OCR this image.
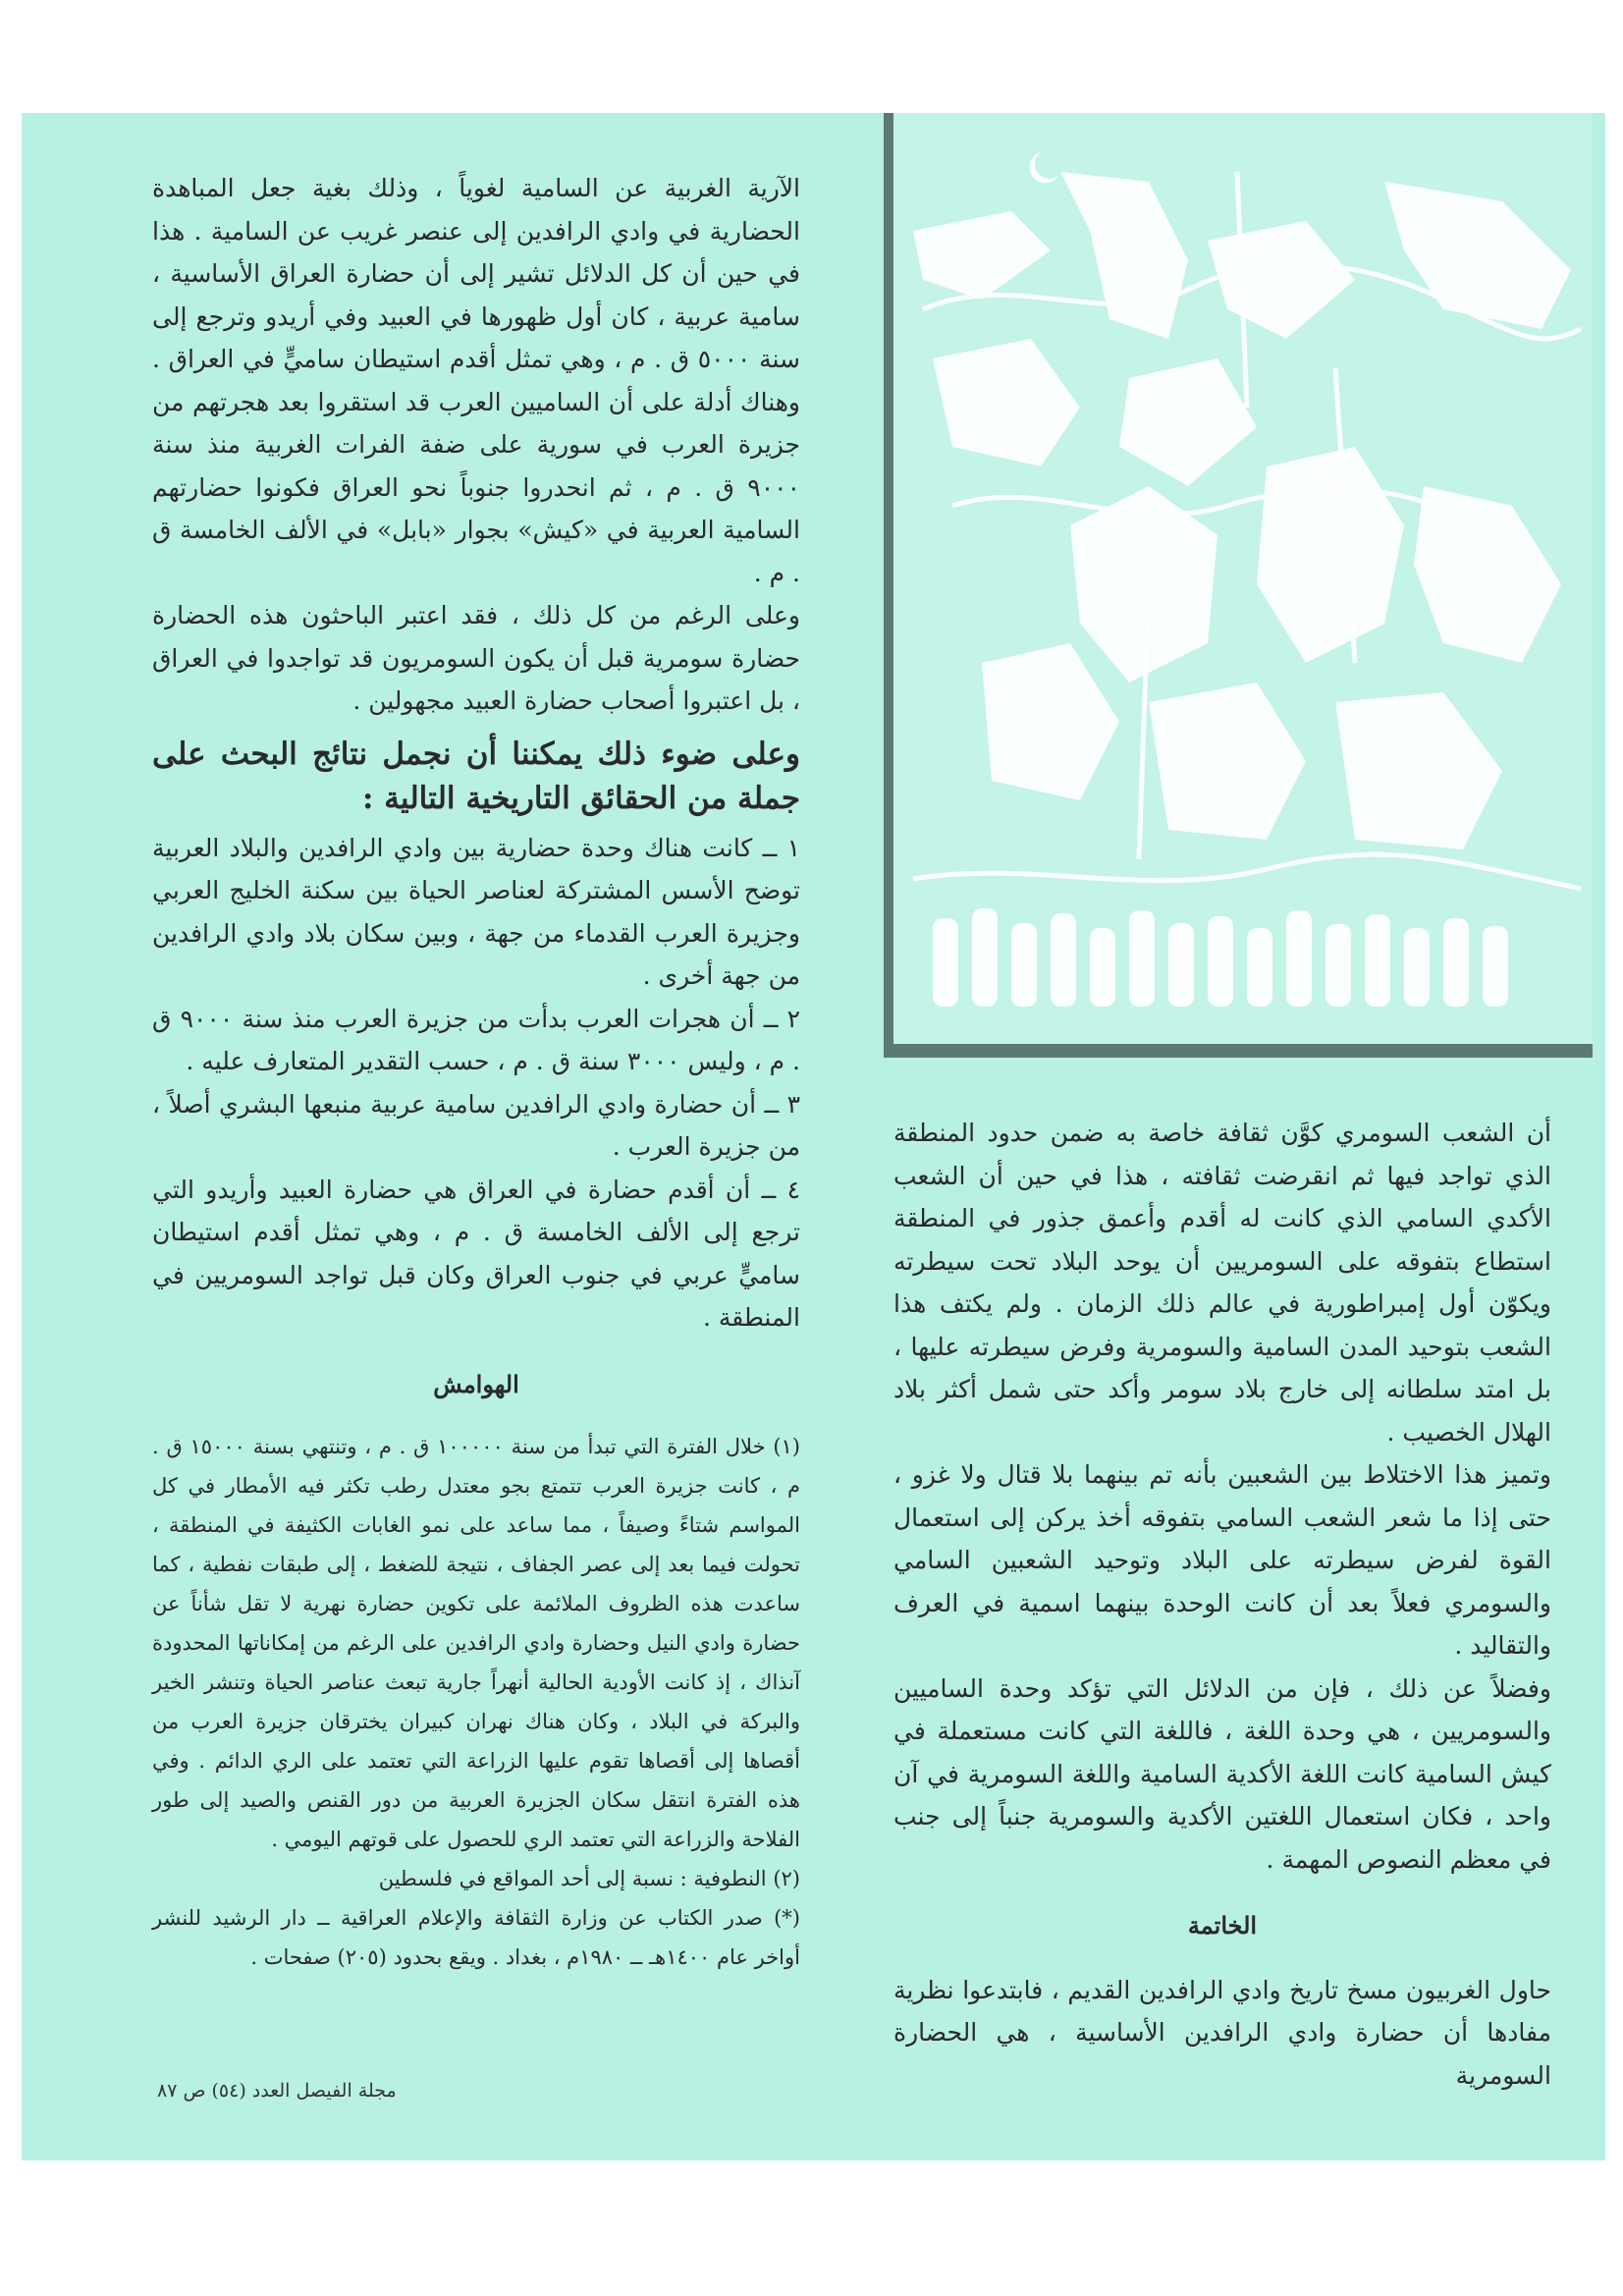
الآرية الغربية عن السامية لغوياً ، وذلك بغية جعل المباهدة الحضارية في وادي الرافدين إلى عنصر غريب عن السامية . هذا في حين أن كل الدلائل تشير إلى أن حضارة العراق الأساسية ، سامية عربية ، كان أول ظهورها في العبيد وفي أريدو وترجع إلى سنة ٥٠٠٠ ق . م ، وهي تمثل أقدم استيطان ساميٍّ في العراق . وهناك أدلة على أن الساميين العرب قد استقروا بعد هجرتهم من جزيرة العرب في سورية على ضفة الفرات الغربية منذ سنة ٩٠٠٠ ق . م ، ثم انحدروا جنوباً نحو العراق فكونوا حضارتهم السامية العربية في «كيش» بجوار «بابل» في الألف الخامسة ق . م .

وعلى الرغم من كل ذلك ، فقد اعتبر الباحثون هذه الحضارة حضارة سومرية قبل أن يكون السومريون قد تواجدوا في العراق ، بل اعتبروا أصحاب حضارة العبيد مجهولين .

وعلى ضوء ذلك يمكننا أن نجمل نتائج البحث على جملة من الحقائق التاريخية التالية :

١ ــ كانت هناك وحدة حضارية بين وادي الرافدين والبلاد العربية توضح الأسس المشتركة لعناصر الحياة بين سكنة الخليج العربي وجزيرة العرب القدماء من جهة ، وبين سكان بلاد وادي الرافدين من جهة أخرى .

٢ ــ أن هجرات العرب بدأت من جزيرة العرب منذ سنة ٩٠٠٠ ق . م ، وليس ٣٠٠٠ سنة ق . م ، حسب التقدير المتعارف عليه .

٣ ــ أن حضارة وادي الرافدين سامية عربية منبعها البشري أصلاً ، من جزيرة العرب .

٤ ــ أن أقدم حضارة في العراق هي حضارة العبيد وأريدو التي ترجع إلى الألف الخامسة ق . م ، وهي تمثل أقدم استيطان ساميٍّ عربي في جنوب العراق وكان قبل تواجد السومريين في المنطقة .

الهوامش

(١) خلال الفترة التي تبدأ من سنة ١٠٠٠٠٠ ق . م ، وتنتهي بسنة ١٥٠٠٠ ق . م ، كانت جزيرة العرب تتمتع بجو معتدل رطب تكثر فيه الأمطار في كل المواسم شتاءً وصيفاً ، مما ساعد على نمو الغابات الكثيفة في المنطقة ، تحولت فيما بعد إلى عصر الجفاف ، نتيجة للضغط ، إلى طبقات نفطية ، كما ساعدت هذه الظروف الملائمة على تكوين حضارة نهرية لا تقل شأناً عن حضارة وادي النيل وحضارة وادي الرافدين على الرغم من إمكاناتها المحدودة آنذاك ، إذ كانت الأودية الحالية أنهراً جارية تبعث عناصر الحياة وتنشر الخير والبركة في البلاد ، وكان هناك نهران كبيران يخترقان جزيرة العرب من أقصاها إلى أقصاها تقوم عليها الزراعة التي تعتمد على الري الدائم . وفي هذه الفترة انتقل سكان الجزيرة العربية من دور القنص والصيد إلى طور الفلاحة والزراعة التي تعتمد الري للحصول على قوتهم اليومي .

(٢) النطوفية : نسبة إلى أحد المواقع في فلسطين

(*) صدر الكتاب عن وزارة الثقافة والإعلام العراقية ــ دار الرشيد للنشر أواخر عام ١٤٠٠هـ ــ ١٩٨٠م ، بغداد . ويقع بحدود (٢٠٥) صفحات .

أن الشعب السومري كوَّن ثقافة خاصة به ضمن حدود المنطقة الذي تواجد فيها ثم انقرضت ثقافته ، هذا في حين أن الشعب الأكدي السامي الذي كانت له أقدم وأعمق جذور في المنطقة استطاع بتفوقه على السومريين أن يوحد البلاد تحت سيطرته ويكوّن أول إمبراطورية في عالم ذلك الزمان . ولم يكتف هذا الشعب بتوحيد المدن السامية والسومرية وفرض سيطرته عليها ، بل امتد سلطانه إلى خارج بلاد سومر وأكد حتى شمل أكثر بلاد الهلال الخصيب .

وتميز هذا الاختلاط بين الشعبين بأنه تم بينهما بلا قتال ولا غزو ، حتى إذا ما شعر الشعب السامي بتفوقه أخذ يركن إلى استعمال القوة لفرض سيطرته على البلاد وتوحيد الشعبين السامي والسومري فعلاً بعد أن كانت الوحدة بينهما اسمية في العرف والتقاليد .

وفضلاً عن ذلك ، فإن من الدلائل التي تؤكد وحدة الساميين والسومريين ، هي وحدة اللغة ، فاللغة التي كانت مستعملة في كيش السامية كانت اللغة الأكدية السامية واللغة السومرية في آن واحد ، فكان استعمال اللغتين الأكدية والسومرية جنباً إلى جنب في معظم النصوص المهمة .

الخاتمة

حاول الغربيون مسخ تاريخ وادي الرافدين القديم ، فابتدعوا نظرية مفادها أن حضارة وادي الرافدين الأساسية ، هي الحضارة السومرية

مجلة الفيصل العدد (٥٤) ص ٨٧
